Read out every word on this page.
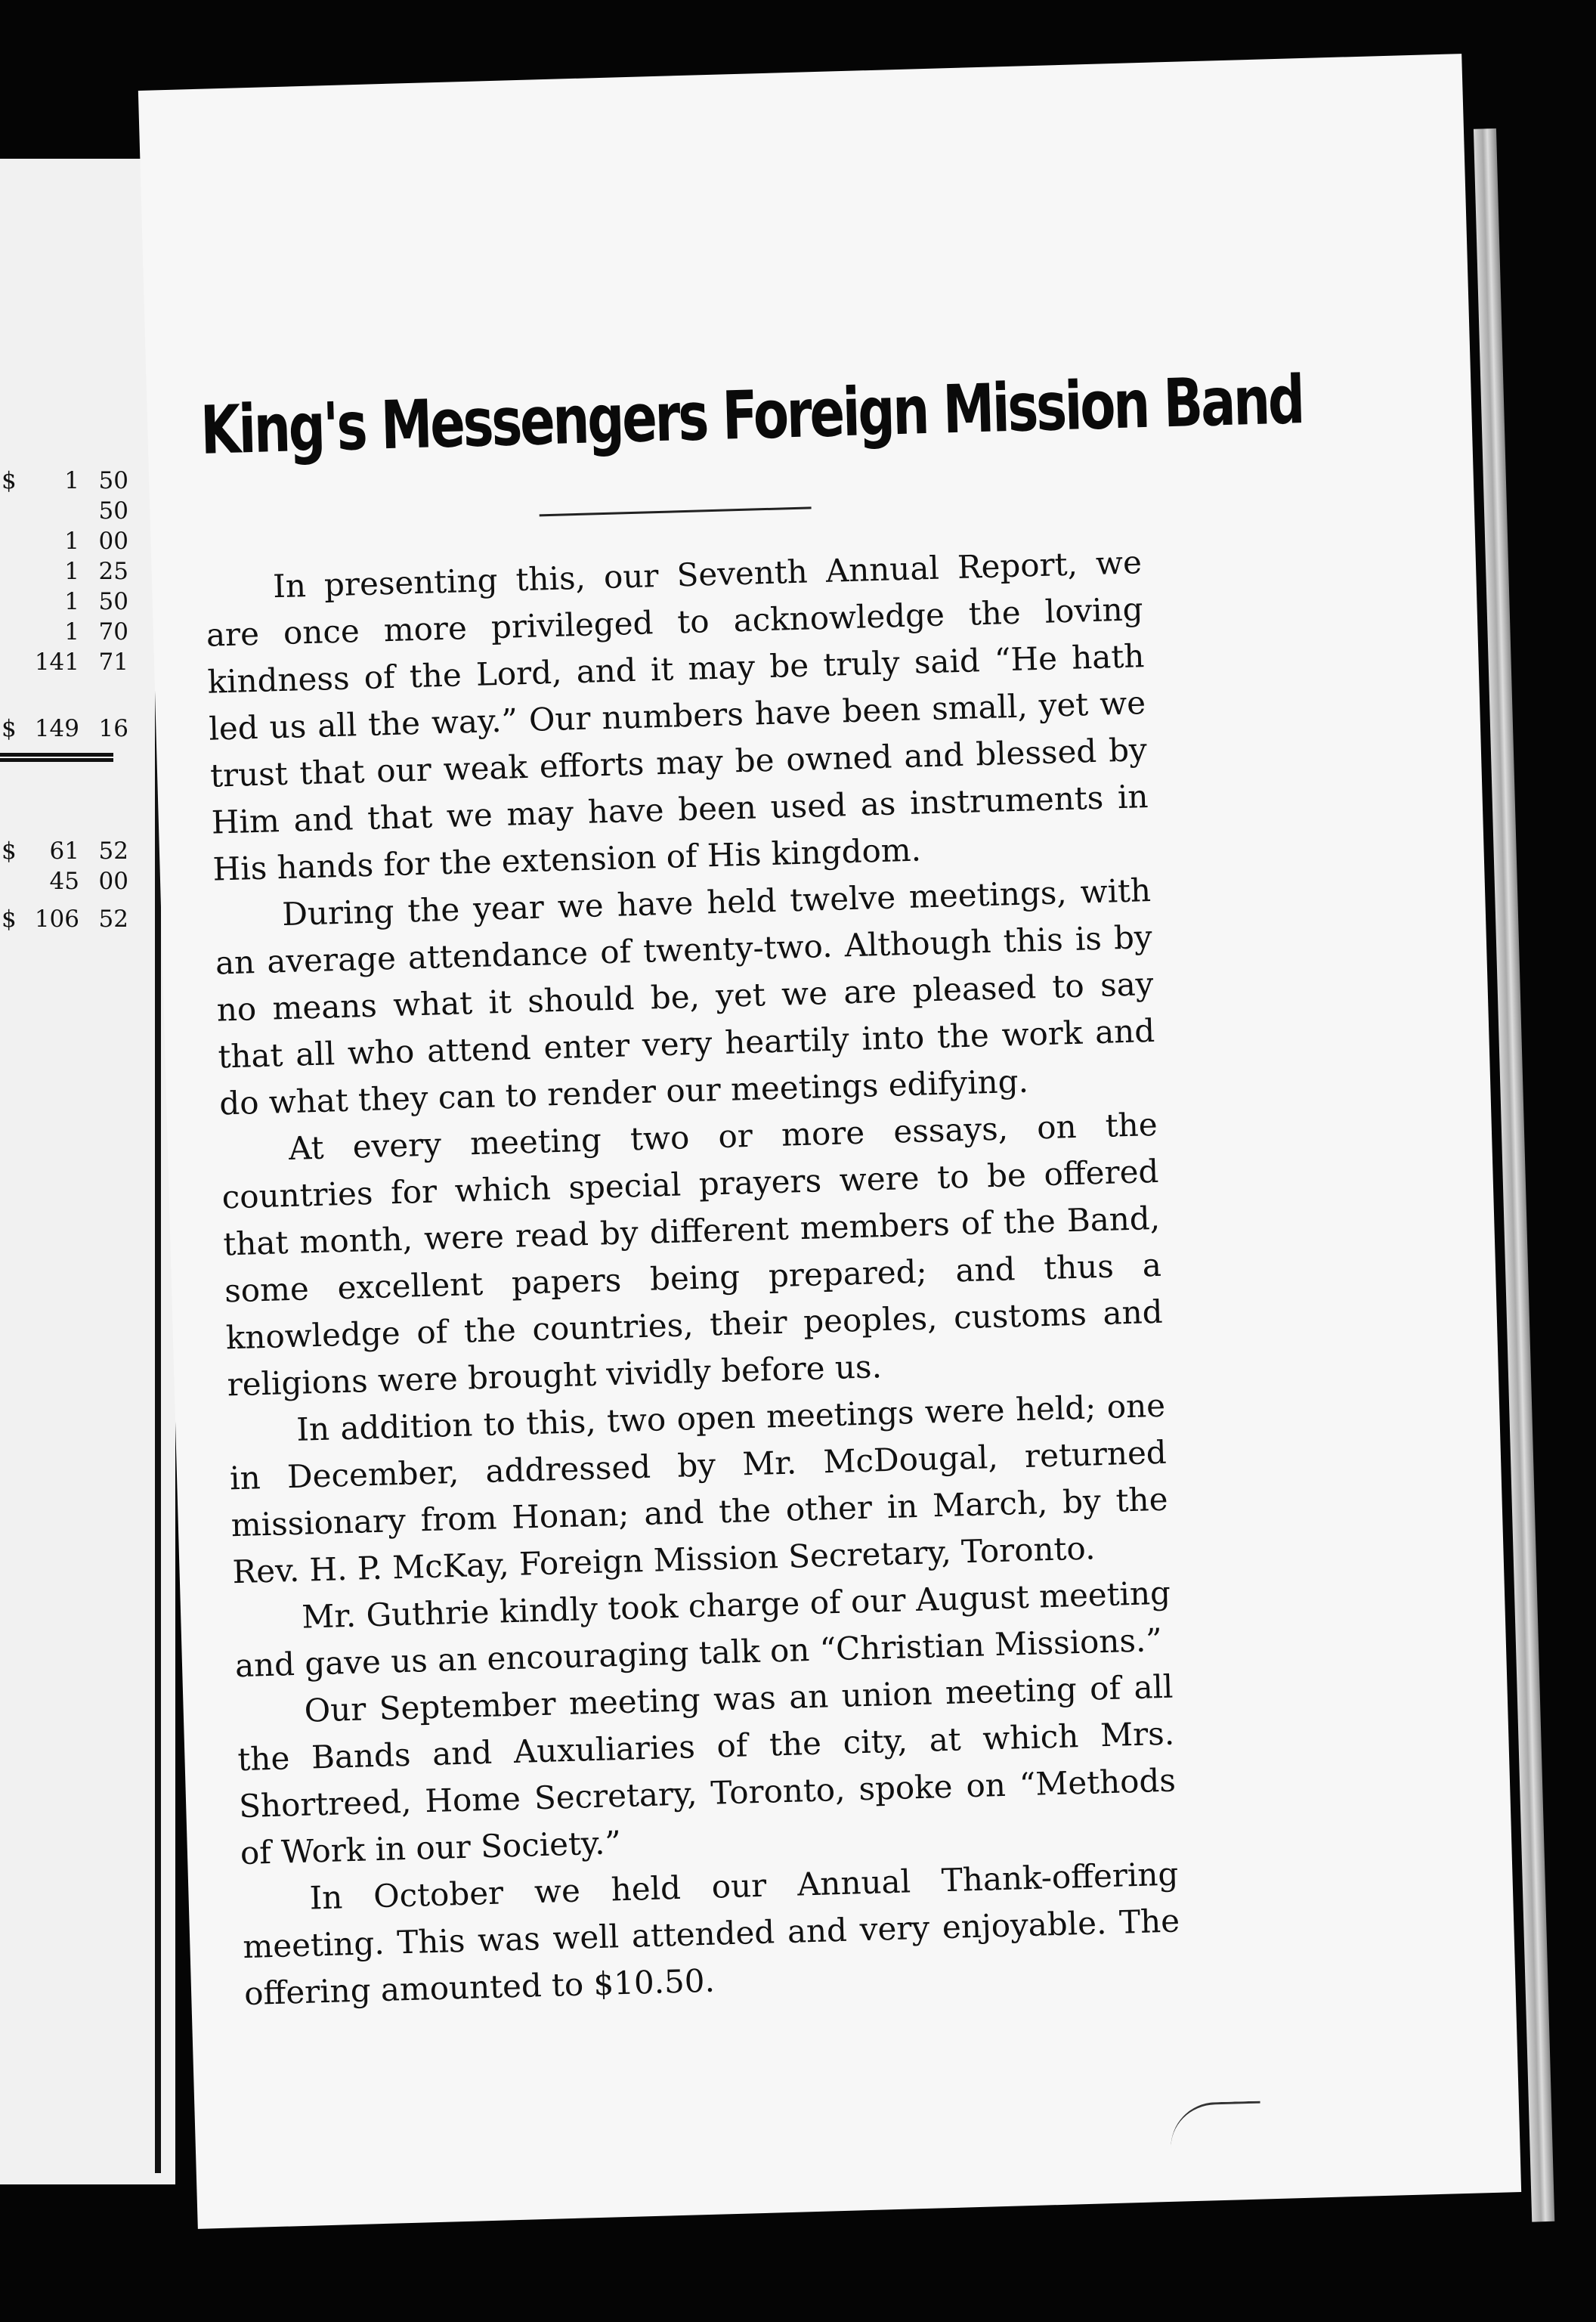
$	1 50
50
1 00
1 25
1 50
1 70
141 71
$ 149 16
$	61 52
45 00
$ 106 52
King's Messengers Foreign Mission Band

In presenting this, our Seventh Annual Report, we are once more privileged to acknowledge the loving kindness of the Lord, and it may be truly said “He hath led us all the way.” Our numbers have been small, yet we trust that our weak efforts may be owned and blessed by Him and that we may have been used as instruments in His hands for the extension of His kingdom.

During the year we have held twelve meetings, with an average attendance of twenty-two. Although this is by no means what it should be, yet we are pleased to say that all who attend enter very heartily into the work and do what they can to render our meetings edifying.

At every meeting two or more essays, on the countries for which special prayers were to be offered that month, were read by different members of the Band, some excellent papers being prepared; and thus a knowledge of the countries, their peoples, customs and religions were brought vividly before us.

In addition to this, two open meetings were held; one in December, addressed by Mr. McDougal, returned missionary from Honan; and the other in March, by the Rev. H. P. McKay, Foreign Mission Secretary, Toronto.

Mr. Guthrie kindly took charge of our August meeting and gave us an encouraging talk on “Christian Missions.”

Our September meeting was an union meeting of all the Bands and Auxuliaries of the city, at which Mrs. Shortreed, Home Secretary, Toronto, spoke on “Methods of Work in our Society.”

In October we held our Annual Thank-offering meeting. This was well attended and very enjoyable. The offering amounted to $10.50.
